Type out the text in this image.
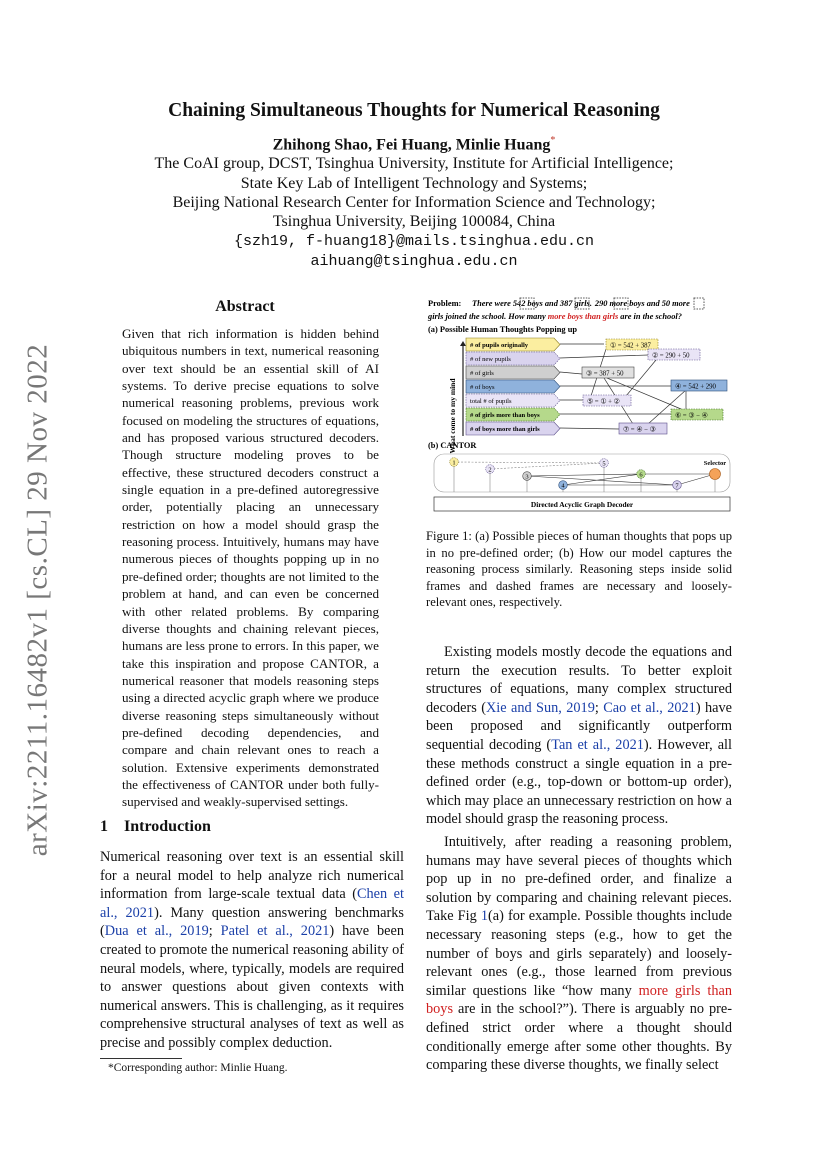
arXiv:2211.16482v1 [cs.CL] 29 Nov 2022
Chaining Simultaneous Thoughts for Numerical Reasoning
Zhihong Shao, Fei Huang, Minlie Huang*
The CoAI group, DCST, Tsinghua University, Institute for Artificial Intelligence;
State Key Lab of Intelligent Technology and Systems;
Beijing National Research Center for Information Science and Technology;
Tsinghua University, Beijing 100084, China
{szh19, f-huang18}@mails.tsinghua.edu.cn
aihuang@tsinghua.edu.cn
Abstract
Given that rich information is hidden behind ubiquitous numbers in text, numerical reasoning over text should be an essential skill of AI systems. To derive precise equations to solve numerical reasoning problems, previous work focused on modeling the structures of equations, and has proposed various structured decoders. Though structure modeling proves to be effective, these structured decoders construct a single equation in a pre-defined autoregressive order, potentially placing an unnecessary restriction on how a model should grasp the reasoning process. Intuitively, humans may have numerous pieces of thoughts popping up in no pre-defined order; thoughts are not limited to the problem at hand, and can even be concerned with other related problems. By comparing diverse thoughts and chaining relevant pieces, humans are less prone to errors. In this paper, we take this inspiration and propose CANTOR, a numerical reasoner that models reasoning steps using a directed acyclic graph where we produce diverse reasoning steps simultaneously without pre-defined decoding dependencies, and compare and chain relevant ones to reach a solution. Extensive experiments demonstrated the effectiveness of CANTOR under both fully-supervised and weakly-supervised settings.
1 Introduction
Numerical reasoning over text is an essential skill for a neural model to help analyze rich numerical information from large-scale textual data (Chen et al., 2021). Many question answering benchmarks (Dua et al., 2019; Patel et al., 2021) have been created to promote the numerical reasoning ability of neural models, where, typically, models are required to answer questions about given contexts with numerical answers. This is challenging, as it requires comprehensive structural analyses of text as well as precise and possibly complex deduction.
*Corresponding author: Minlie Huang.
Problem: There were 542 boys and 387 girls. 290 more boys and 50 more
girls joined the school. How many more boys than girls are in the school?
(a) Possible Human Thoughts Popping up
What come to my mind
# of pupils originally
# of new pupils
# of girls
# of boys
total # of pupils
# of girls more than boys
# of boys more than girls
① = 542 + 387
② = 290 + 50
③ = 387 + 50
④ = 542 + 290
⑤ = ① + ②
⑥ = ③ − ④
⑦ = ④ − ③
(b) CANTOR
1
2
3
4
5
6
7
Selector
Directed Acyclic Graph Decoder
Figure 1: (a) Possible pieces of human thoughts that pops up in no pre-defined order; (b) How our model captures the reasoning process similarly. Reasoning steps inside solid frames and dashed frames are necessary and loosely-relevant ones, respectively.
Existing models mostly decode the equations and return the execution results. To better exploit structures of equations, many complex structured decoders (Xie and Sun, 2019; Cao et al., 2021) have been proposed and significantly outperform sequential decoding (Tan et al., 2021). However, all these methods construct a single equation in a pre-defined order (e.g., top-down or bottom-up order), which may place an unnecessary restriction on how a model should grasp the reasoning process.
Intuitively, after reading a reasoning problem, humans may have several pieces of thoughts which pop up in no pre-defined order, and finalize a solution by comparing and chaining relevant pieces. Take Fig 1(a) for example. Possible thoughts include necessary reasoning steps (e.g., how to get the number of boys and girls separately) and loosely-relevant ones (e.g., those learned from previous similar questions like “how many more girls than boys are in the school?”). There is arguably no pre-defined strict order where a thought should conditionally emerge after some other thoughts. By comparing these diverse thoughts, we finally select
